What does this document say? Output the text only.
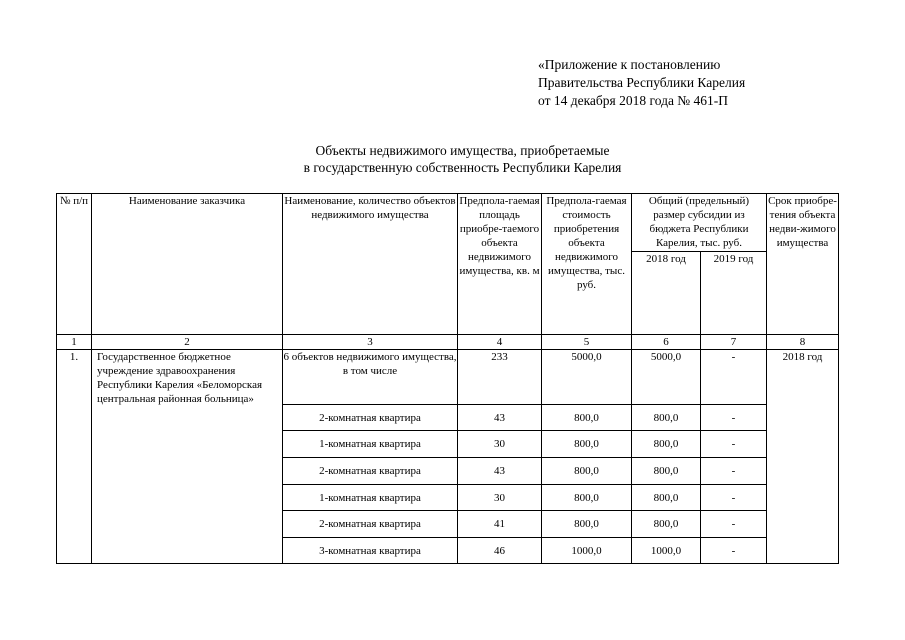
«Приложение к постановлению
Правительства Республики Карелия
от 14 декабря 2018 года № 461-П
Объекты недвижимого имущества, приобретаемые
в государственную собственность Республики Карелия
№ п/п	Наименование заказчика	Наименование, количество объектов недвижимого имущества	Предпола-гаемая площадь приобре-таемого объекта недвижимого имущества, кв. м	Предпола-гаемая стоимость приобретения объекта недвижимого имущества, тыс. руб.	Общий (предельный) размер субсидии из бюджета Республики Карелия, тыс. руб.		Срок приобре-тения объекта недви-жимого имущества
					2018 год	2019 год	
1	2	3	4	5	6	7	8
1.	Государственное бюджетное учреждение здравоохранения Республики Карелия «Беломорская центральная районная больница»	6 объектов недвижимого имущества, в том числе	233	5000,0	5000,0	-	2018 год
		2-комнатная квартира	43	800,0	800,0	-	
		1-комнатная квартира	30	800,0	800,0	-	
		2-комнатная квартира	43	800,0	800,0	-	
		1-комнатная квартира	30	800,0	800,0	-	
		2-комнатная квартира	41	800,0	800,0	-	
		3-комнатная квартира	46	1000,0	1000,0	-	
